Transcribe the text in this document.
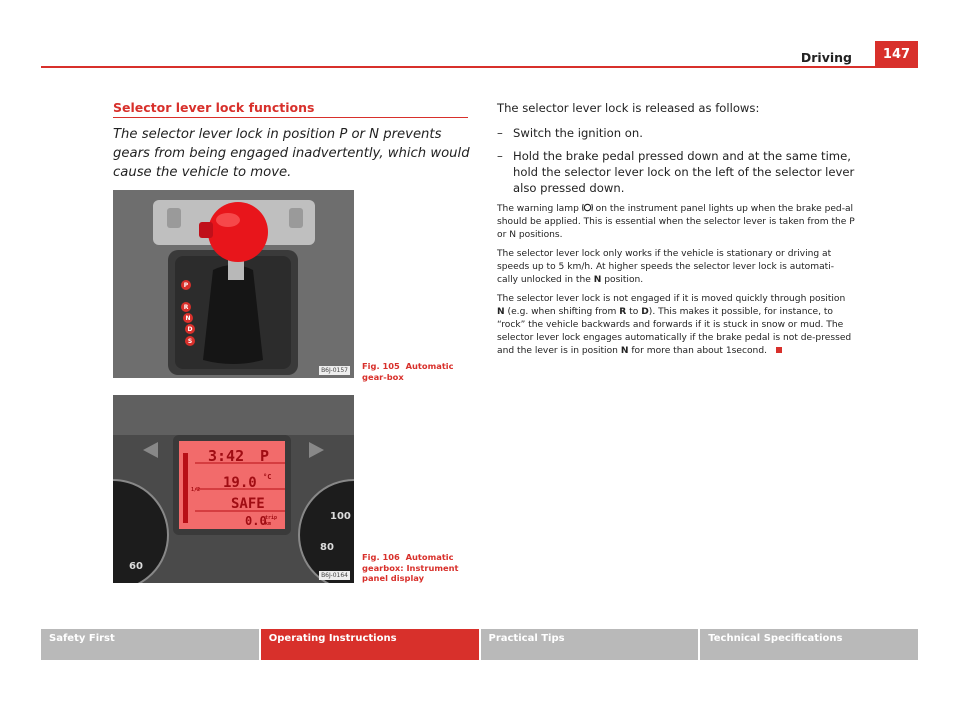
Driving	147
Selector lever lock functions
The selector lever lock in position P or N prevents gears from being engaged inadvertently, which would cause the vehicle to move.
P
R
N
D
S
B6J-0157 Fig. 105 Automatic gear-box
3:42 P
19.0 °C
SAFE
0.0
trip
km
1/2
100
80
60
B6J-0164
Fig. 106 Automatic gearbox: Instrument panel display

The selector lever lock is released as follows:

– Switch the ignition on.
– Hold the brake pedal pressed down and at the same time, hold the selector lever lock on the left of the selector lever also pressed down.

The warning lamp on the instrument panel lights up when the brake ped-al should be applied. This is essential when the selector lever is taken from the P or N positions.

The selector lever lock only works if the vehicle is stationary or driving at speeds up to 5 km/h. At higher speeds the selector lever lock is automati-cally unlocked in the N position.

The selector lever lock is not engaged if it is moved quickly through position N (e.g. when shifting from R to D). This makes it possible, for instance, to “rock” the vehicle backwards and forwards if it is stuck in snow or mud. The selector lever lock engages automatically if the brake pedal is not de-pressed and the lever is in position N for more than about 1second.

Safety First	Operating Instructions	Practical Tips	Technical Specifications
